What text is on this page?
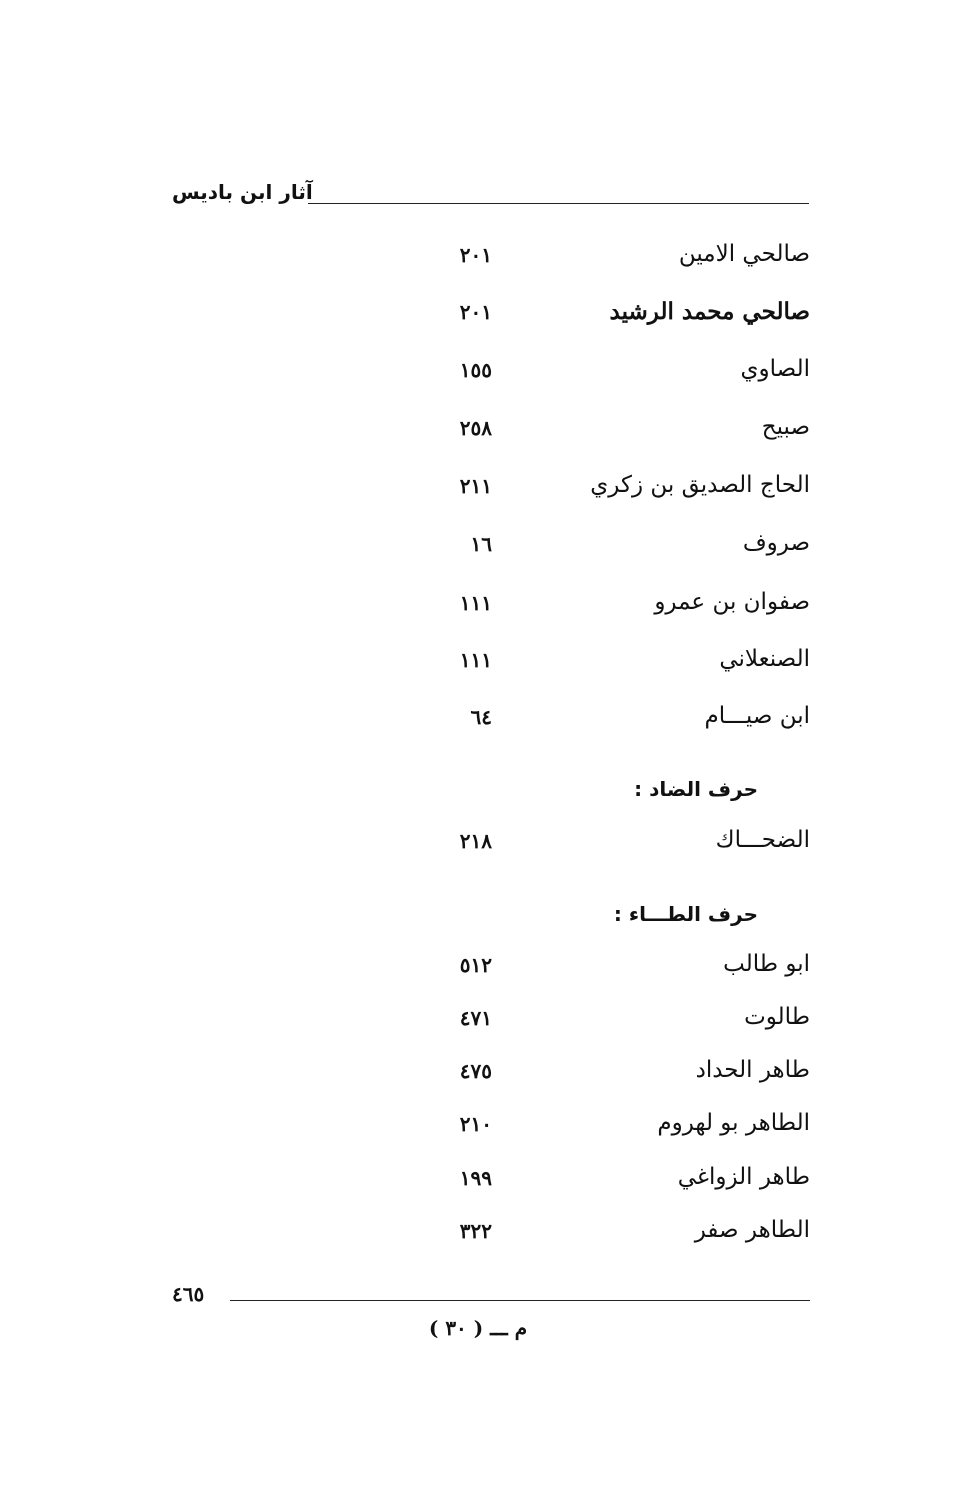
آثار ابن باديس
صالحي الامين
٢٠١
صالحي محمد الرشيد
٢٠١
الصاوي
١٥٥
صبيح
٢٥٨
الحاج الصديق بن زكري
٢١١
صروف
١٦
صفوان بن عمرو
١١١
الصنعلاني
١١١
ابن صيـــام
٦٤
حرف الضاد :
الضحـــاك
٢١٨
حرف الطـــاء :
ابو طالب
٥١٢
طالوت
٤٧١
طاهر الحداد
٤٧٥
الطاهر بو لهروم
٢١٠
طاهر الزواغي
١٩٩
الطاهر صفر
٣٢٢
٤٦٥
م ـــ ( ٣٠ )
